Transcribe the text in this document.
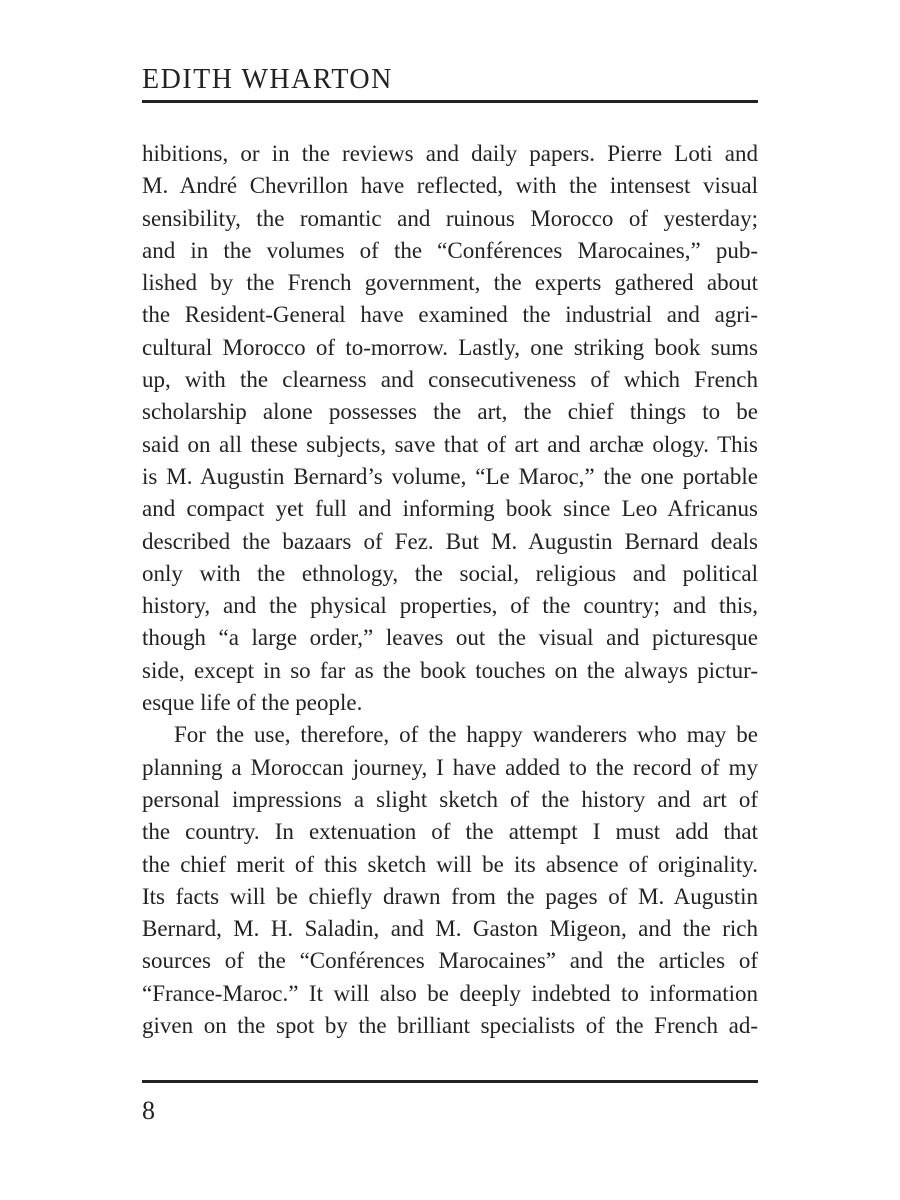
EDITH WHARTON
hibitions, or in the reviews and daily papers. Pierre Loti and
M. André Chevrillon have reflected, with the intensest visual
sensibility, the romantic and ruinous Morocco of yesterday;
and in the volumes of the “Conférences Marocaines,” pub-
lished by the French government, the experts gathered about
the Resident-General have examined the industrial and agri-
cultural Morocco of to-morrow. Lastly, one striking book sums
up, with the clearness and consecutiveness of which French
scholarship alone possesses the art, the chief things to be
said on all these subjects, save that of art and archæ ology. This
is M. Augustin Bernard’s volume, “Le Maroc,” the one portable
and compact yet full and informing book since Leo Africanus
described the bazaars of Fez. But M. Augustin Bernard deals
only with the ethnology, the social, religious and political
history, and the physical properties, of the country; and this,
though “a large order,” leaves out the visual and picturesque
side, except in so far as the book touches on the always pictur-
esque life of the people.
For the use, therefore, of the happy wanderers who may be
planning a Moroccan journey, I have added to the record of my
personal impressions a slight sketch of the history and art of
the country. In extenuation of the attempt I must add that
the chief merit of this sketch will be its absence of originality.
Its facts will be chiefly drawn from the pages of M. Augustin
Bernard, M. H. Saladin, and M. Gaston Migeon, and the rich
sources of the “Conférences Marocaines” and the articles of
“France-Maroc.” It will also be deeply indebted to information
given on the spot by the brilliant specialists of the French ad-
8
